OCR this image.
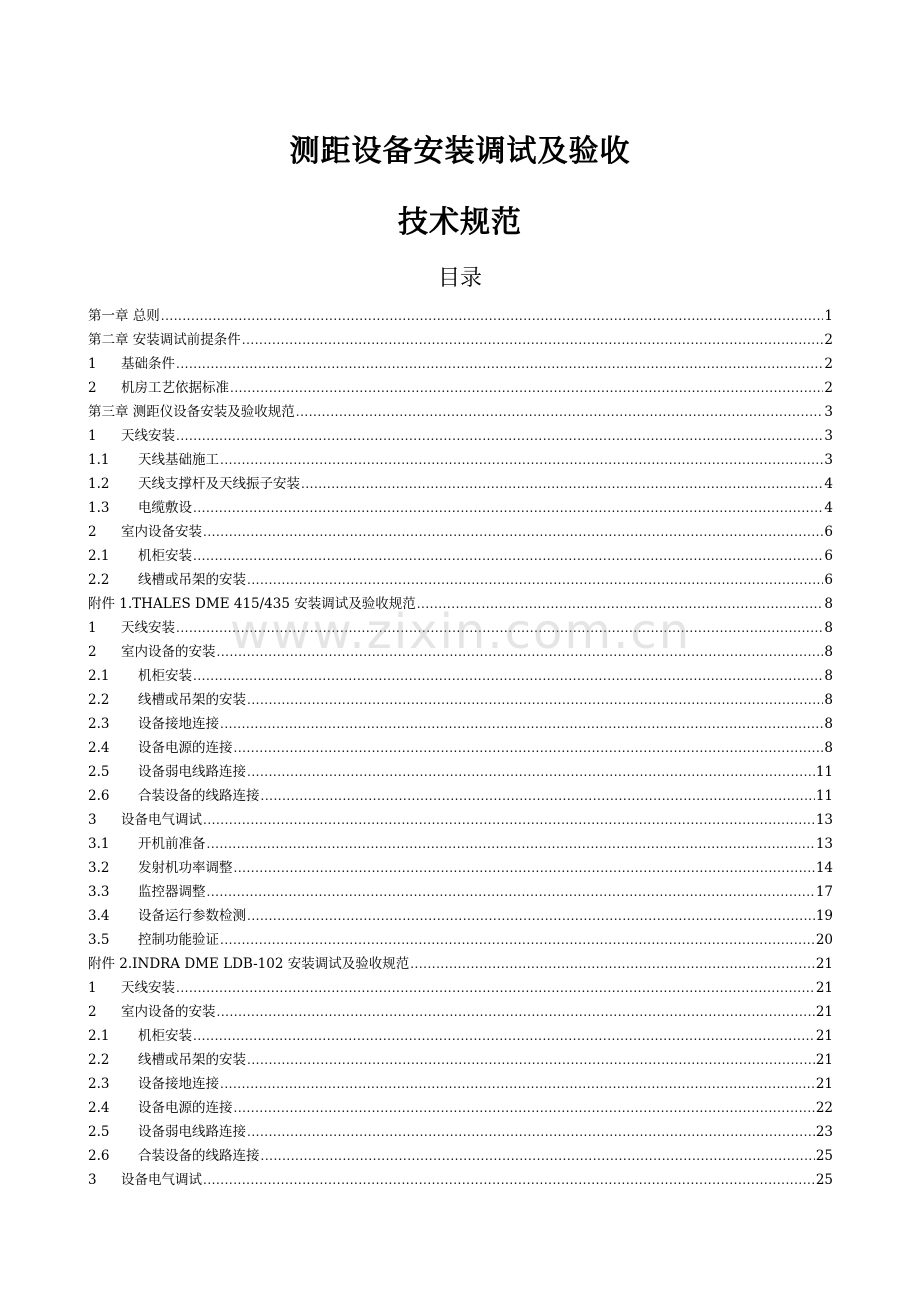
测距设备安装调试及验收
技术规范
目录
第一章 总则 .....	1
第二章 安装调试前提条件 .....	2
1	基础条件 .....	2
2	机房工艺依据标准 .....	2
第三章 测距仪设备安装及验收规范 .....	3
1	天线安装 .....	3
1.1	天线基础施工 .....	3
1.2	天线支撑杆及天线振子安装 .....	4
1.3	电缆敷设 .....	4
2	室内设备安装 .....	6
2.1	机柜安装 .....	6
2.2	线槽或吊架的安装 .....	6
附件 1.THALES DME 415/435 安装调试及验收规范 .....	8
1	天线安装 .....	8
2	室内设备的安装 .....	8
2.1	机柜安装 .....	8
2.2	线槽或吊架的安装 .....	8
2.3	设备接地连接 .....	8
2.4	设备电源的连接 .....	8
2.5	设备弱电线路连接 .....	11
2.6	合装设备的线路连接 .....	11
3	设备电气调试 .....	13
3.1	开机前准备 .....	13
3.2	发射机功率调整 .....	14
3.3	监控器调整 .....	17
3.4	设备运行参数检测 .....	19
3.5	控制功能验证 .....	20
附件 2.INDRA DME LDB-102 安装调试及验收规范 .....	21
1	天线安装 .....	21
2	室内设备的安装 .....	21
2.1	机柜安装 .....	21
2.2	线槽或吊架的安装 .....	21
2.3	设备接地连接 .....	21
2.4	设备电源的连接 .....	22
2.5	设备弱电线路连接 .....	23
2.6	合装设备的线路连接 .....	25
3	设备电气调试 .....	25
www.zixin.com.cn
